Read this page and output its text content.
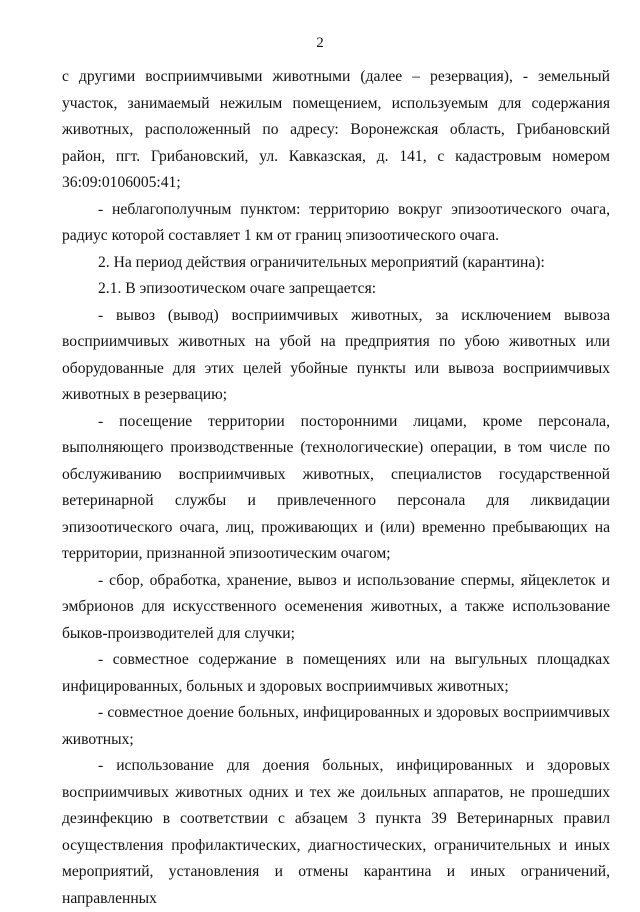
2

с другими восприимчивыми животными (далее – резервация), - земельный участок, занимаемый нежилым помещением, используемым для содержания животных, расположенный по адресу: Воронежская область, Грибановский район, пгт. Грибановский, ул. Кавказская, д. 141, с кадастровым номером 36:09:0106005:41;

- неблагополучным пунктом: территорию вокруг эпизоотического очага, радиус которой составляет 1 км от границ эпизоотического очага.

2. На период действия ограничительных мероприятий (карантина):

2.1. В эпизоотическом очаге запрещается:

- вывоз (вывод) восприимчивых животных, за исключением вывоза восприимчивых животных на убой на предприятия по убою животных или оборудованные для этих целей убойные пункты или вывоза восприимчивых животных в резервацию;

- посещение территории посторонними лицами, кроме персонала, выполняющего производственные (технологические) операции, в том числе по обслуживанию восприимчивых животных, специалистов государственной ветеринарной службы и привлеченного персонала для ликвидации эпизоотического очага, лиц, проживающих и (или) временно пребывающих на территории, признанной эпизоотическим очагом;

- сбор, обработка, хранение, вывоз и использование спермы, яйцеклеток и эмбрионов для искусственного осеменения животных, а также использование быков-производителей для случки;

- совместное содержание в помещениях или на выгульных площадках инфицированных, больных и здоровых восприимчивых животных;

- совместное доение больных, инфицированных и здоровых восприимчивых животных;

- использование для доения больных, инфицированных и здоровых восприимчивых животных одних и тех же доильных аппаратов, не прошедших дезинфекцию в соответствии с абзацем 3 пункта 39 Ветеринарных правил осуществления профилактических, диагностических, ограничительных и иных мероприятий, установления и отмены карантина и иных ограничений, направленных
